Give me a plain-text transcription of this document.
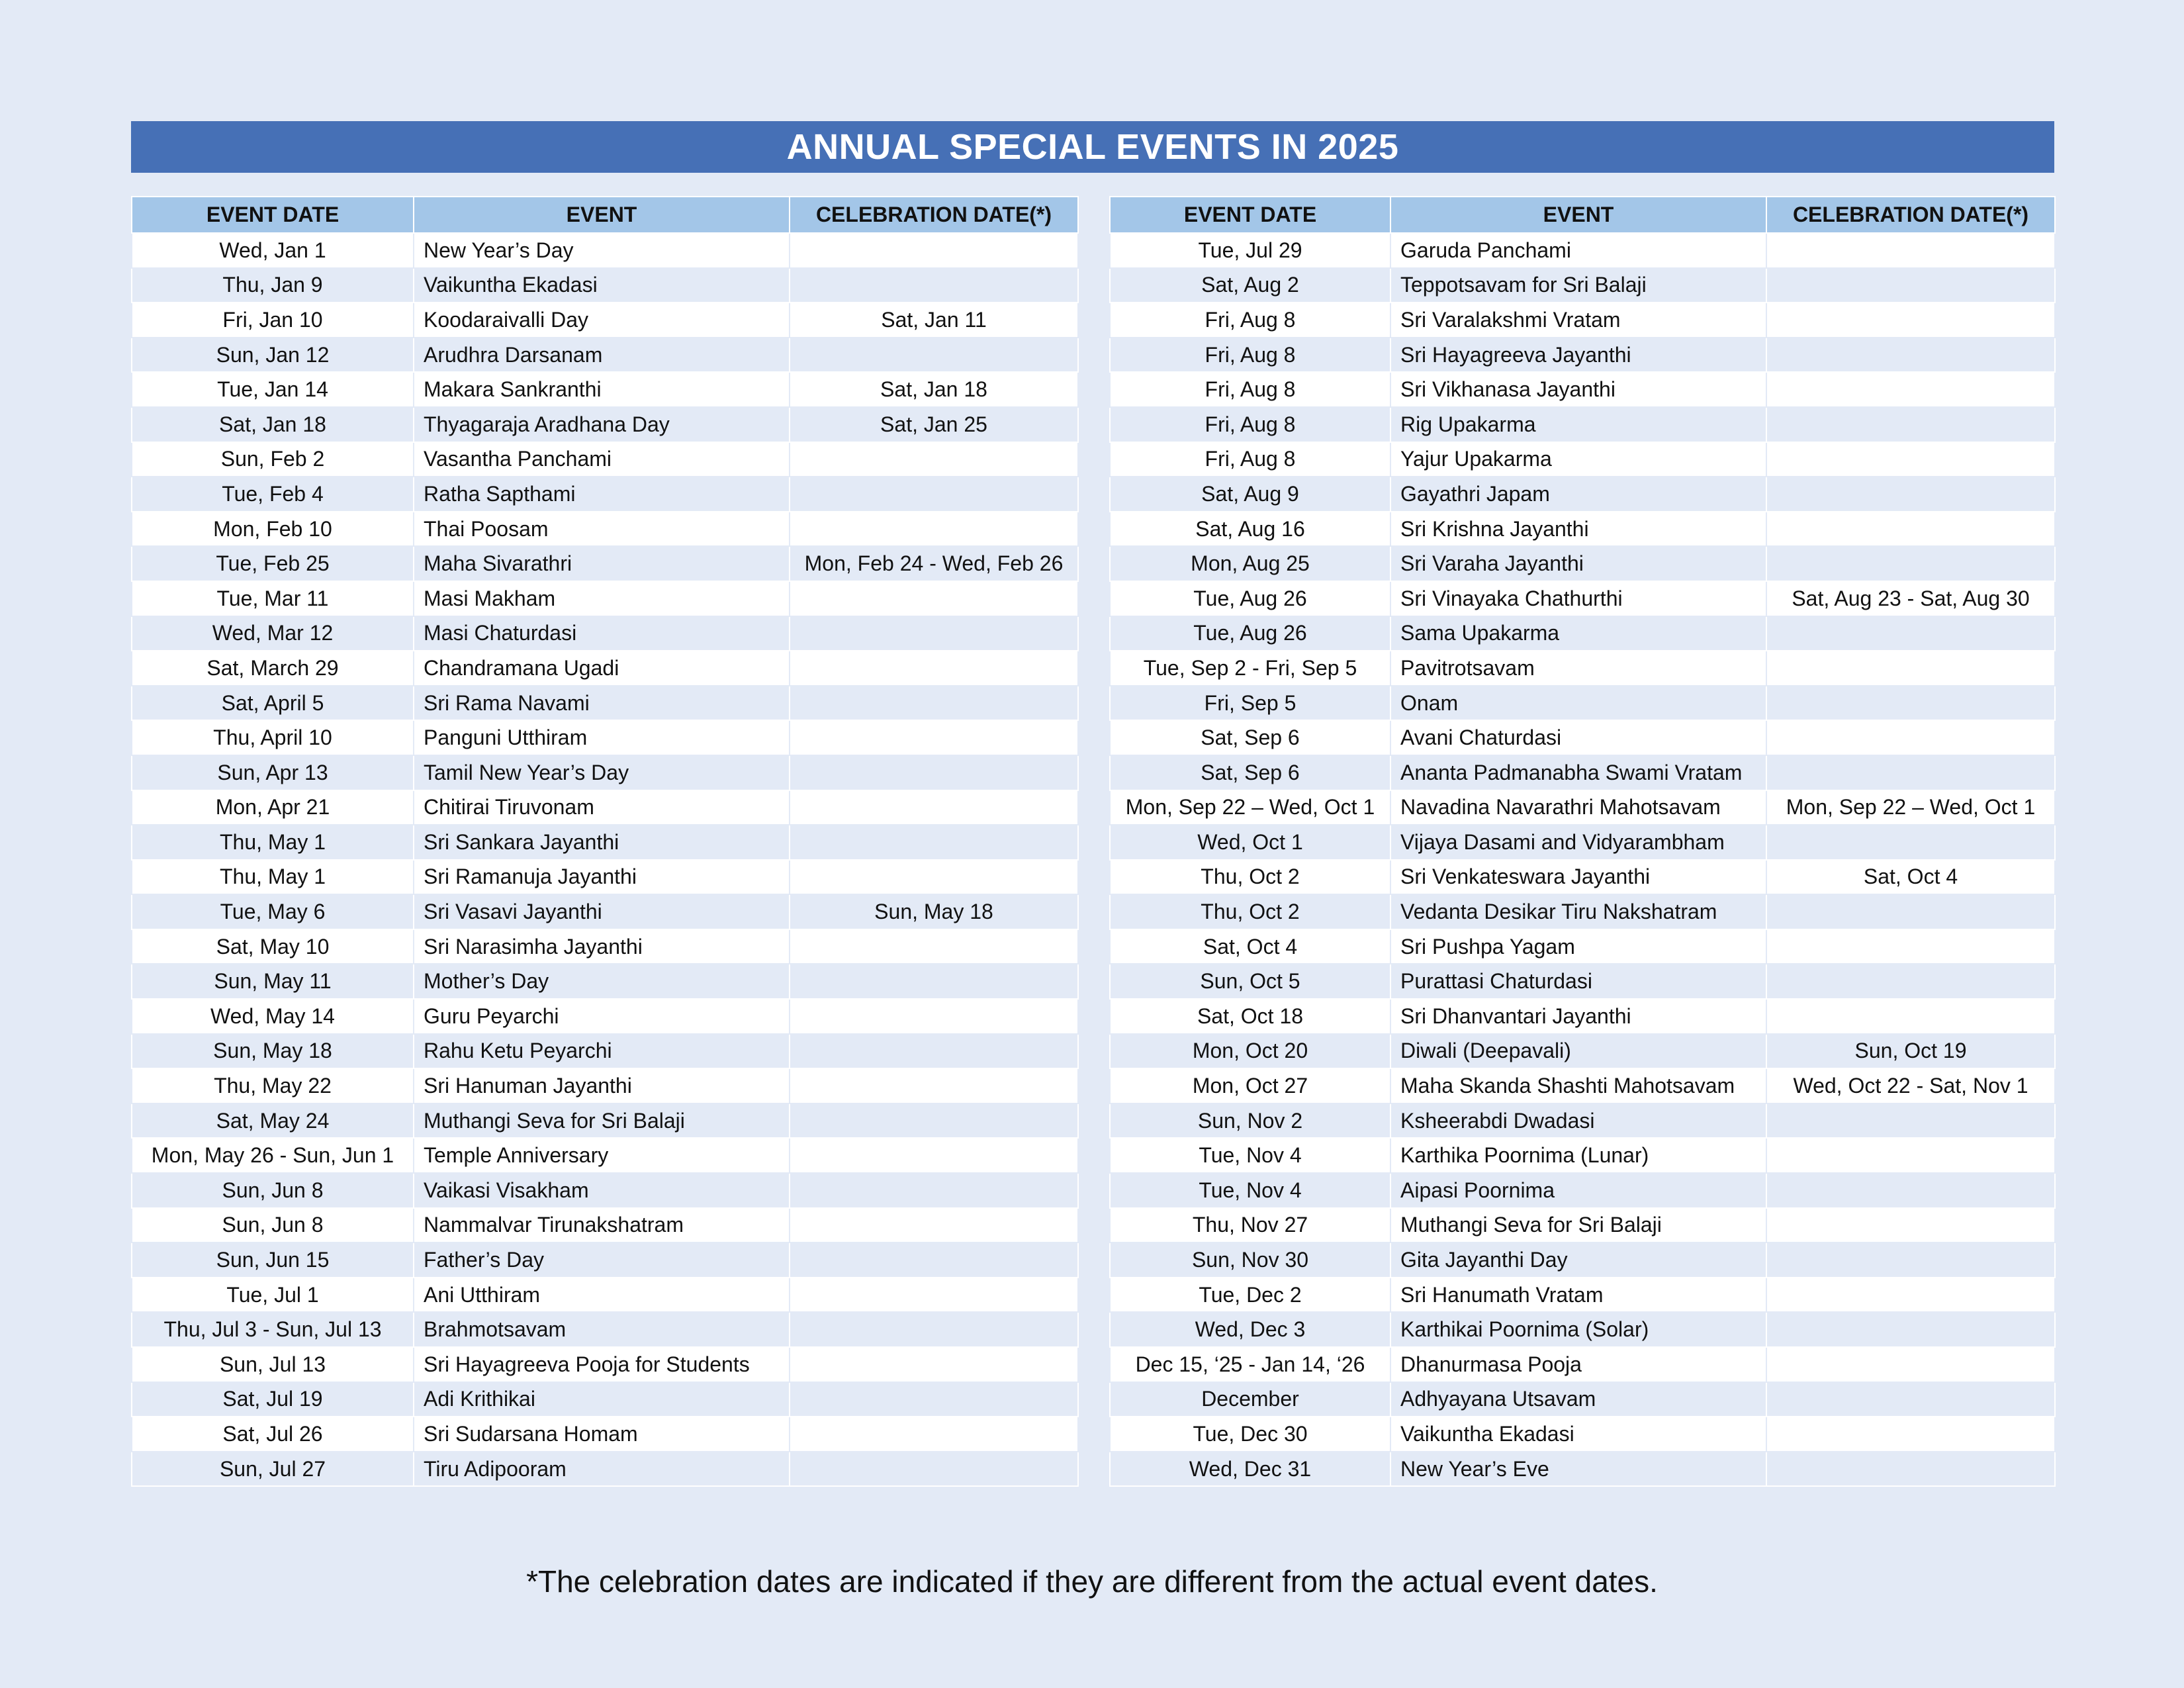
ANNUAL SPECIAL EVENTS IN 2025
EVENT DATE	EVENT	CELEBRATION DATE(*)
Wed, Jan 1	New Year’s Day	
Thu, Jan 9	Vaikuntha Ekadasi	
Fri, Jan 10	Koodaraivalli Day	Sat, Jan 11
Sun, Jan 12	Arudhra Darsanam	
Tue, Jan 14	Makara Sankranthi	Sat, Jan 18
Sat, Jan 18	Thyagaraja Aradhana Day	Sat, Jan 25
Sun, Feb 2	Vasantha Panchami	
Tue, Feb 4	Ratha Sapthami	
Mon, Feb 10	Thai Poosam	
Tue, Feb 25	Maha Sivarathri	Mon, Feb 24 - Wed, Feb 26
Tue, Mar 11	Masi Makham	
Wed, Mar 12	Masi Chaturdasi	
Sat, March 29	Chandramana Ugadi	
Sat, April 5	Sri Rama Navami	
Thu, April 10	Panguni Utthiram	
Sun, Apr 13	Tamil New Year’s Day	
Mon, Apr 21	Chitirai Tiruvonam	
Thu, May 1	Sri Sankara Jayanthi	
Thu, May 1	Sri Ramanuja Jayanthi	
Tue, May 6	Sri Vasavi Jayanthi	Sun, May 18
Sat, May 10	Sri Narasimha Jayanthi	
Sun, May 11	Mother’s Day	
Wed, May 14	Guru Peyarchi	
Sun, May 18	Rahu Ketu Peyarchi	
Thu, May 22	Sri Hanuman Jayanthi	
Sat, May 24	Muthangi Seva for Sri Balaji	
Mon, May 26 - Sun, Jun 1	Temple Anniversary	
Sun, Jun 8	Vaikasi Visakham	
Sun, Jun 8	Nammalvar Tirunakshatram	
Sun, Jun 15	Father’s Day	
Tue, Jul 1	Ani Utthiram	
Thu, Jul 3 - Sun, Jul 13	Brahmotsavam	
Sun, Jul 13	Sri Hayagreeva Pooja for Students	
Sat, Jul 19	Adi Krithikai	
Sat, Jul 26	Sri Sudarsana Homam	
Sun, Jul 27	Tiru Adipooram	
EVENT DATE	EVENT	CELEBRATION DATE(*)
Tue, Jul 29	Garuda Panchami	
Sat, Aug 2	Teppotsavam for Sri Balaji	
Fri, Aug 8	Sri Varalakshmi Vratam	
Fri, Aug 8	Sri Hayagreeva Jayanthi	
Fri, Aug 8	Sri Vikhanasa Jayanthi	
Fri, Aug 8	Rig Upakarma	
Fri, Aug 8	Yajur Upakarma	
Sat, Aug 9	Gayathri Japam	
Sat, Aug 16	Sri Krishna Jayanthi	
Mon, Aug 25	Sri Varaha Jayanthi	
Tue, Aug 26	Sri Vinayaka Chathurthi	Sat, Aug 23 - Sat, Aug 30
Tue, Aug 26	Sama Upakarma	
Tue, Sep 2 - Fri, Sep 5	Pavitrotsavam	
Fri, Sep 5	Onam	
Sat, Sep 6	Avani Chaturdasi	
Sat, Sep 6	Ananta Padmanabha Swami Vratam	
Mon, Sep 22 – Wed, Oct 1	Navadina Navarathri Mahotsavam	Mon, Sep 22 – Wed, Oct 1
Wed, Oct 1	Vijaya Dasami and Vidyarambham	
Thu, Oct 2	Sri Venkateswara Jayanthi	Sat, Oct 4
Thu, Oct 2	Vedanta Desikar Tiru Nakshatram	
Sat, Oct 4	Sri Pushpa Yagam	
Sun, Oct 5	Purattasi Chaturdasi	
Sat, Oct 18	Sri Dhanvantari Jayanthi	
Mon, Oct 20	Diwali (Deepavali)	Sun, Oct 19
Mon, Oct 27	Maha Skanda Shashti Mahotsavam	Wed, Oct 22 - Sat, Nov 1
Sun, Nov 2	Ksheerabdi Dwadasi	
Tue, Nov 4	Karthika Poornima (Lunar)	
Tue, Nov 4	Aipasi Poornima	
Thu, Nov 27	Muthangi Seva for Sri Balaji	
Sun, Nov 30	Gita Jayanthi Day	
Tue, Dec 2	Sri Hanumath Vratam	
Wed, Dec 3	Karthikai Poornima (Solar)	
Dec 15, ‘25 - Jan 14, ‘26	Dhanurmasa Pooja	
December	Adhyayana Utsavam	
Tue, Dec 30	Vaikuntha Ekadasi	
Wed, Dec 31	New Year’s Eve	
*The celebration dates are indicated if they are different from the actual event dates.
